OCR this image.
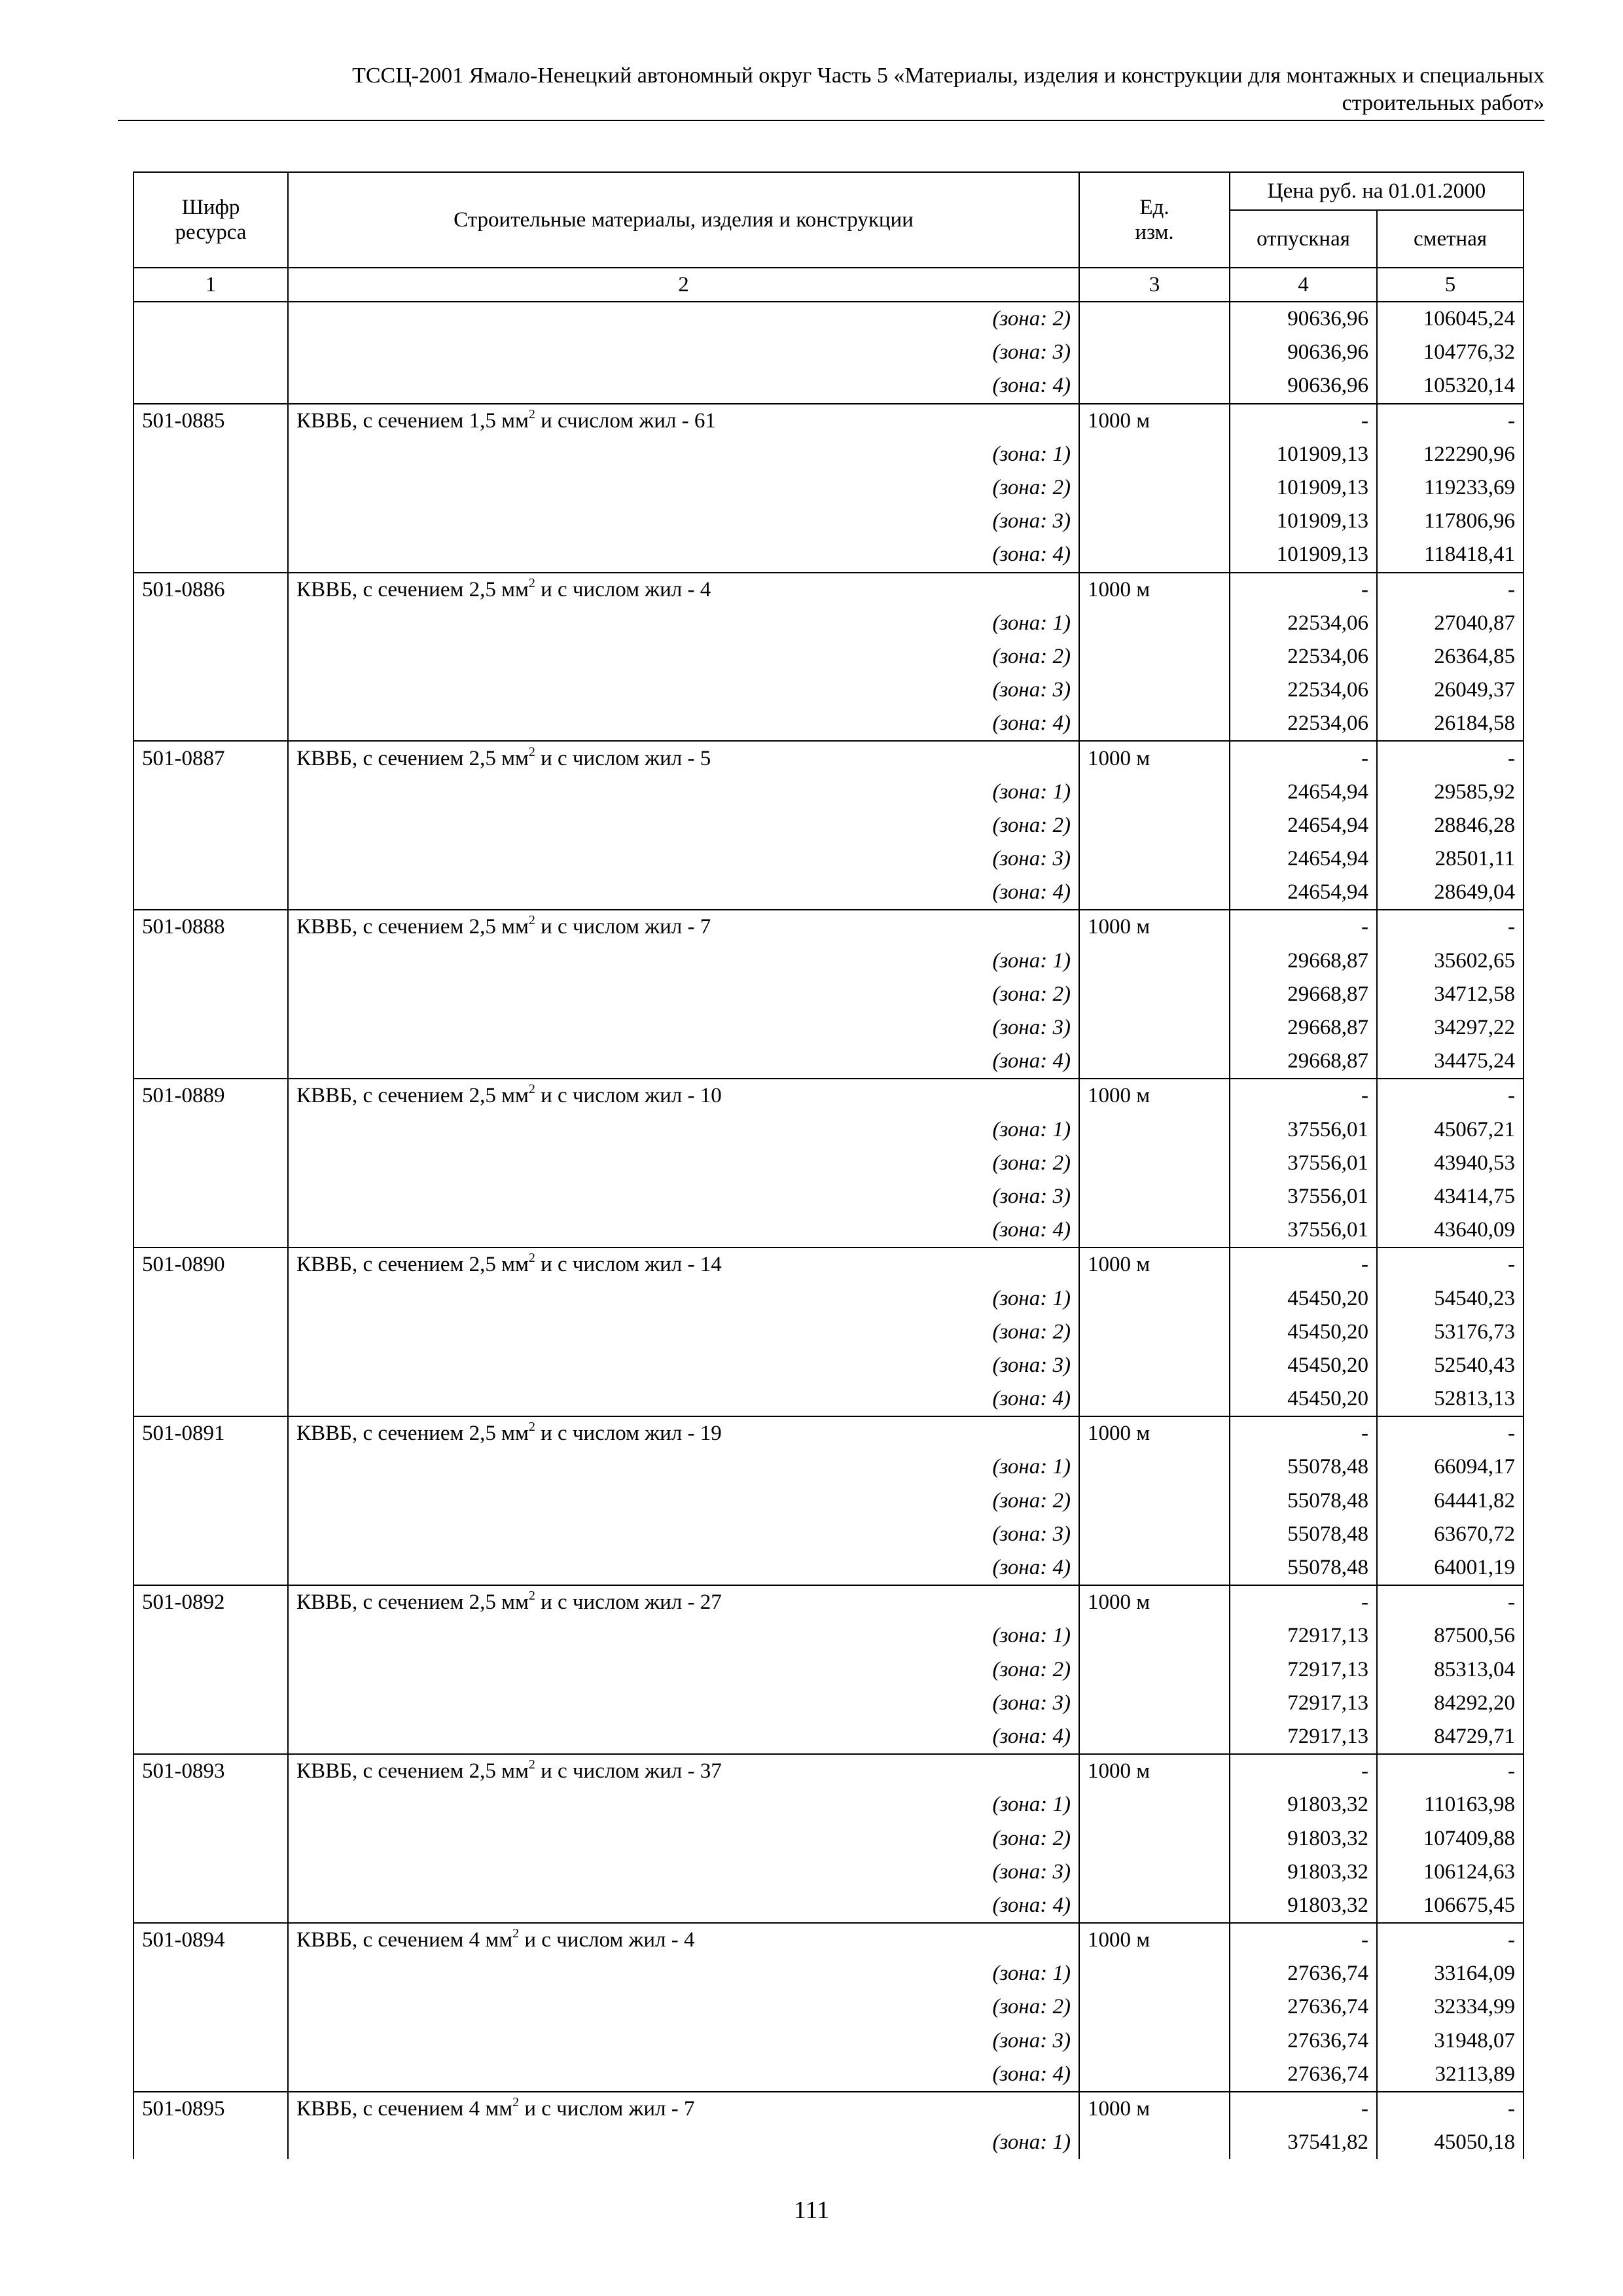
ТССЦ-2001 Ямало-Ненецкий автономный округ Часть 5 «Материалы, изделия и конструкции для монтажных и специальных
строительных работ»
Шифр ресурса	Строительные материалы, изделия и конструкции	Ед. изм.	Цена руб. на 01.01.2000	
			отпускная	сметная
1	2	3	4	5
	(зона: 2)		90636,96	106045,24
	(зона: 3)		90636,96	104776,32
	(зона: 4)		90636,96	105320,14
501-0885	КВВБ, с сечением 1,5 $мм^2$ и счислом жил - 61	1000 м	-	-
	(зона: 1)		101909,13	122290,96
	(зона: 2)		101909,13	119233,69
	(зона: 3)		101909,13	117806,96
	(зона: 4)		101909,13	118418,41
501-0886	КВВБ, с сечением 2,5 $мм^2$ и с числом жил - 4	1000 м	-	-
	(зона: 1)		22534,06	27040,87
	(зона: 2)		22534,06	26364,85
	(зона: 3)		22534,06	26049,37
	(зона: 4)		22534,06	26184,58
501-0887	КВВБ, с сечением 2,5 $мм^2$ и с числом жил - 5	1000 м	-	-
	(зона: 1)		24654,94	29585,92
	(зона: 2)		24654,94	28846,28
	(зона: 3)		24654,94	28501,11
	(зона: 4)		24654,94	28649,04
501-0888	КВВБ, с сечением 2,5 $мм^2$ и с числом жил - 7	1000 м	-	-
	(зона: 1)		29668,87	35602,65
	(зона: 2)		29668,87	34712,58
	(зона: 3)		29668,87	34297,22
	(зона: 4)		29668,87	34475,24
501-0889	КВВБ, с сечением 2,5 $мм^2$ и с числом жил - 10	1000 м	-	-
	(зона: 1)		37556,01	45067,21
	(зона: 2)		37556,01	43940,53
	(зона: 3)		37556,01	43414,75
	(зона: 4)		37556,01	43640,09
501-0890	КВВБ, с сечением 2,5 $мм^2$ и с числом жил - 14	1000 м	-	-
	(зона: 1)		45450,20	54540,23
	(зона: 2)		45450,20	53176,73
	(зона: 3)		45450,20	52540,43
	(зона: 4)		45450,20	52813,13
501-0891	КВВБ, с сечением 2,5 $мм^2$ и с числом жил - 19	1000 м	-	-
	(зона: 1)		55078,48	66094,17
	(зона: 2)		55078,48	64441,82
	(зона: 3)		55078,48	63670,72
	(зона: 4)		55078,48	64001,19
501-0892	КВВБ, с сечением 2,5 $мм^2$ и с числом жил - 27	1000 м	-	-
	(зона: 1)		72917,13	87500,56
	(зона: 2)		72917,13	85313,04
	(зона: 3)		72917,13	84292,20
	(зона: 4)		72917,13	84729,71
501-0893	КВВБ, с сечением 2,5 $мм^2$ и с числом жил - 37	1000 м	-	-
	(зона: 1)		91803,32	110163,98
	(зона: 2)		91803,32	107409,88
	(зона: 3)		91803,32	106124,63
	(зона: 4)		91803,32	106675,45
501-0894	КВВБ, с сечением 4 $мм^2$ и с числом жил - 4	1000 м	-	-
	(зона: 1)		27636,74	33164,09
	(зона: 2)		27636,74	32334,99
	(зона: 3)		27636,74	31948,07
	(зона: 4)		27636,74	32113,89
501-0895	КВВБ, с сечением 4 $мм^2$ и с числом жил - 7	1000 м	-	-
	(зона: 1)		37541,82	45050,18
111
